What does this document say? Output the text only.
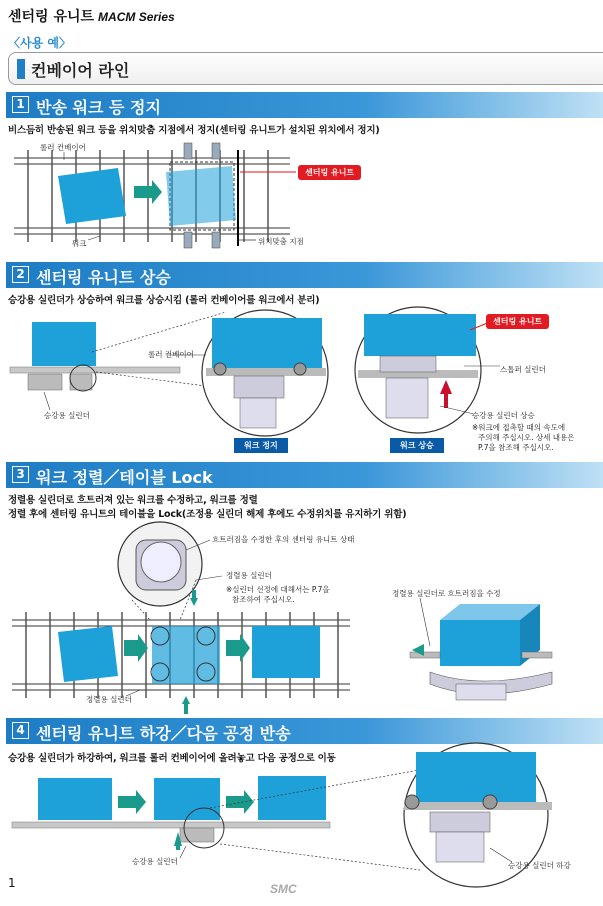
센터링 유니트 MACM Series
〈사용 예〉
컨베이어 라인
1 반송 워크 등 정지
비스듬히 반송된 워크 등을 위치맞춤 지점에서 정지(센터링 유니트가 설치된 위치에서 정지)
롤러 컨베이어
센터링 유니트
워크	위치맞춤 지점
2 센터링 유니트 상승
승강용 실린더가 상승하여 워크를 상승시킴 (롤러 컨베이어를 워크에서 분리)
롤러 컨베이어
승강용 실린더
워크 정지	워크 상승
센터링 유니트
스톱퍼 실린더
승강용 실린더 상승
※워크에 접촉할 때의 속도에
주의해 주십시오. 상세 내용은
P.7을 참조해 주십시오.
3 워크 정렬／테이블 Lock
정렬용 실린더로 흐트러져 있는 워크를 수정하고, 워크를 정렬
정렬 후에 센터링 유니트의 테이블을 Lock(조정용 실린더 해제 후에도 수정위치를 유지하기 위함)
흐트러짐을 수정한 후의 센터링 유니트 상태
정렬용 실린더
※실린더 선정에 대해서는 P.7을
참조하여 주십시오.
정렬용 실린더로 흐트러짐을 수정
정렬용 실린더
4 센터링 유니트 하강／다음 공정 반송
승강용 실린더가 하강하여, 워크를 롤러 컨베이어에 올려놓고 다음 공정으로 이동
승강용 실린더	승강용 실린더 하강
1	SMC
